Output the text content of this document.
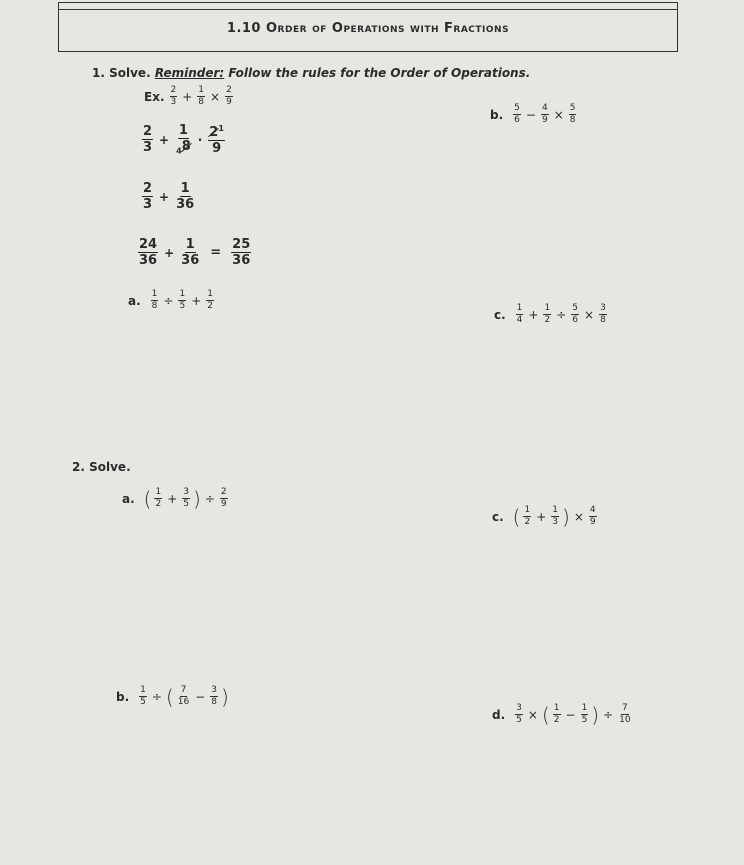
1.10 Order of Operations with Fractions
1. Solve. Reminder: Follow the rules for the Order of Operations.
Ex. $\frac{2}{3} + \frac{1}{8} \times \frac{2}{9}$
$\frac{2}{3} + \frac{1}{_48} \cdot \frac{2^1}{9}$
$\frac{2}{3} + \frac{1}{36}$
$\frac{24}{36} + \frac{1}{36} = \frac{25}{36}$
a. $\frac{1}{8} \div \frac{1}{5} + \frac{1}{2}$
b. $\frac{5}{6} - \frac{4}{9} \times \frac{5}{8}$
c. $\frac{1}{4} + \frac{1}{2} \div \frac{5}{6} \times \frac{3}{8}$
2. Solve.
a. ( $\frac{1}{2} + \frac{3}{5}$ ) ÷ $\frac{2}{9}$
b. $\frac{1}{5}$ ÷ ( $\frac{7}{16} - \frac{3}{8}$ )
c. ( $\frac{1}{2} + \frac{1}{3}$ ) × $\frac{4}{9}$
d. $\frac{3}{5}$ × ( $\frac{1}{2} - \frac{1}{5}$ ) ÷ $\frac{7}{10}$
